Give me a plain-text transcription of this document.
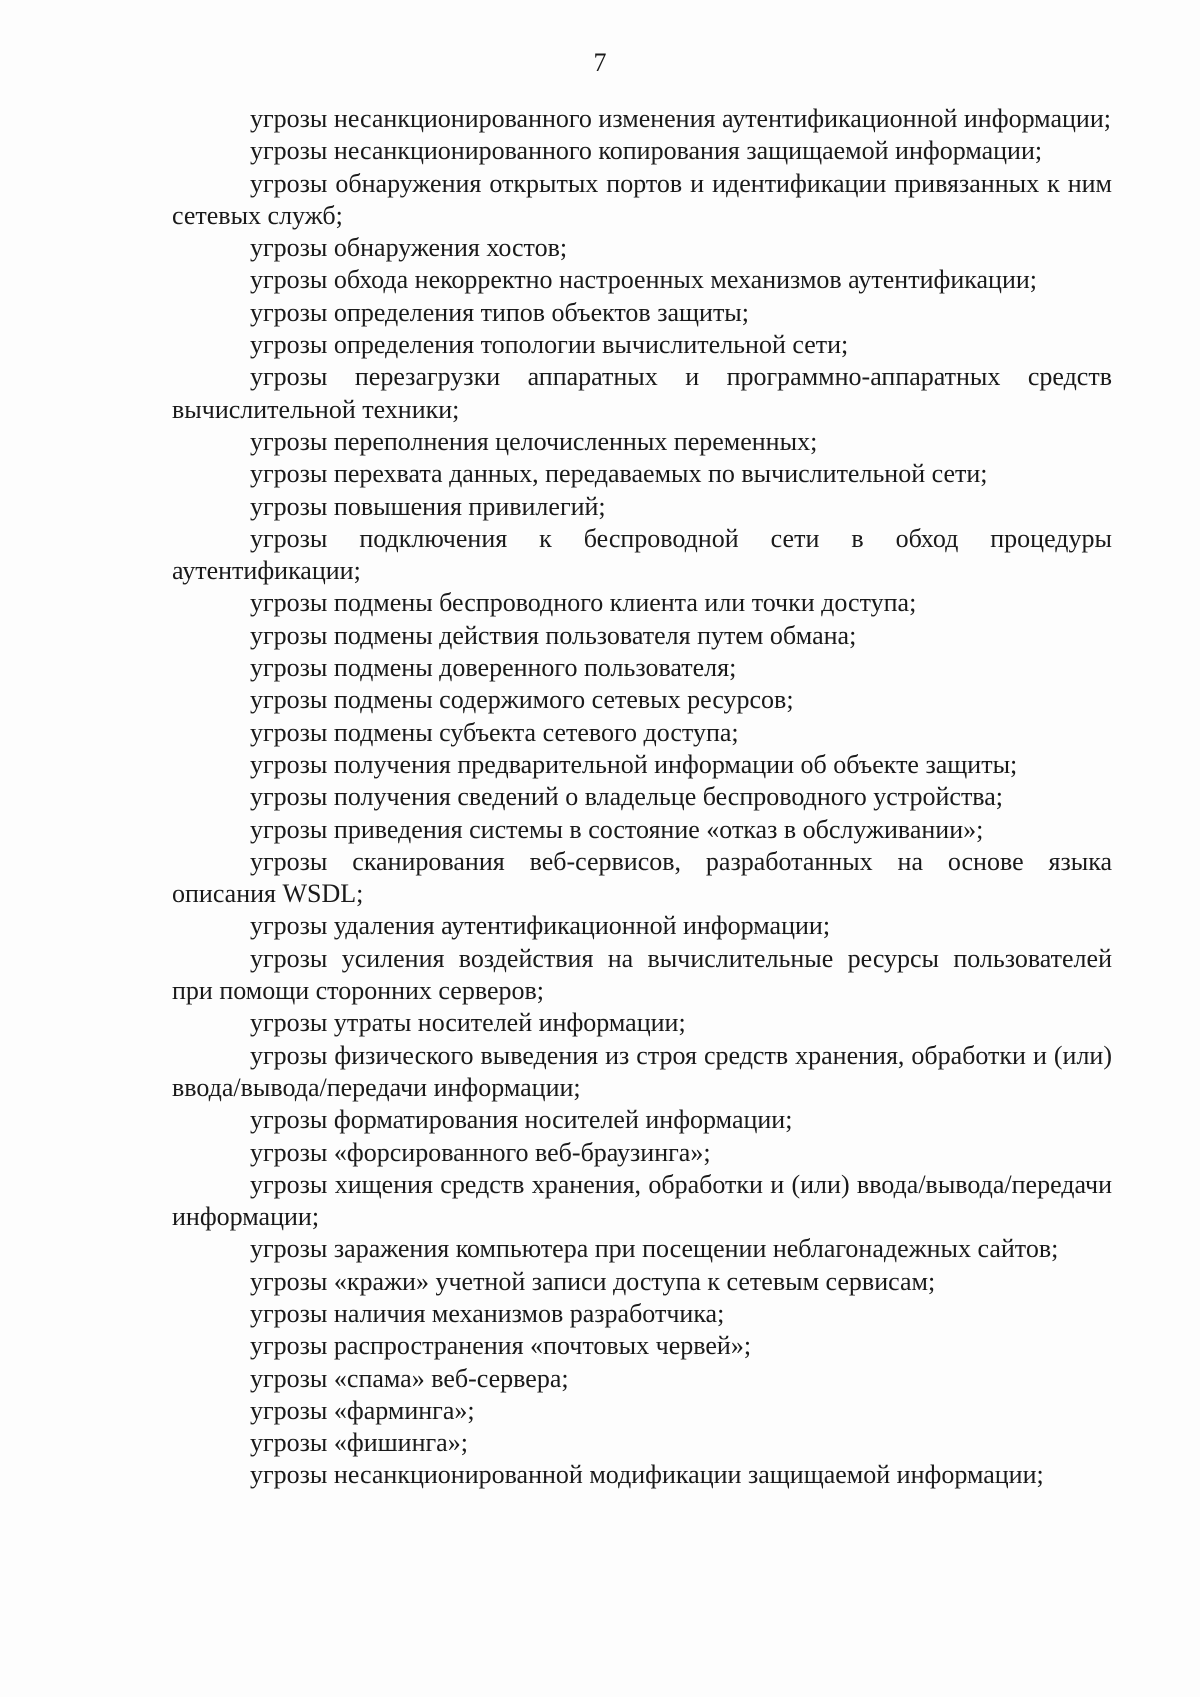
7

угрозы несанкционированного изменения аутентификационной информации;

угрозы несанкционированного копирования защищаемой информации;

угрозы обнаружения открытых портов и идентификации привязанных к ним сетевых служб;

угрозы обнаружения хостов;

угрозы обхода некорректно настроенных механизмов аутентификации;

угрозы определения типов объектов защиты;

угрозы определения топологии вычислительной сети;

угрозы перезагрузки аппаратных и программно-аппаратных средств вычислительной техники;

угрозы переполнения целочисленных переменных;

угрозы перехвата данных, передаваемых по вычислительной сети;

угрозы повышения привилегий;

угрозы подключения к беспроводной сети в обход процедуры аутентификации;

угрозы подмены беспроводного клиента или точки доступа;

угрозы подмены действия пользователя путем обмана;

угрозы подмены доверенного пользователя;

угрозы подмены содержимого сетевых ресурсов;

угрозы подмены субъекта сетевого доступа;

угрозы получения предварительной информации об объекте защиты;

угрозы получения сведений о владельце беспроводного устройства;

угрозы приведения системы в состояние «отказ в обслуживании»;

угрозы сканирования веб-сервисов, разработанных на основе языка описания WSDL;

угрозы удаления аутентификационной информации;

угрозы усиления воздействия на вычислительные ресурсы пользователей при помощи сторонних серверов;

угрозы утраты носителей информации;

угрозы физического выведения из строя средств хранения, обработки и (или) ввода/вывода/передачи информации;

угрозы форматирования носителей информации;

угрозы «форсированного веб-браузинга»;

угрозы хищения средств хранения, обработки и (или) ввода/вывода/передачи информации;

угрозы заражения компьютера при посещении неблагонадежных сайтов;

угрозы «кражи» учетной записи доступа к сетевым сервисам;

угрозы наличия механизмов разработчика;

угрозы распространения «почтовых червей»;

угрозы «спама» веб-сервера;

угрозы «фарминга»;

угрозы «фишинга»;

угрозы несанкционированной модификации защищаемой информации;
